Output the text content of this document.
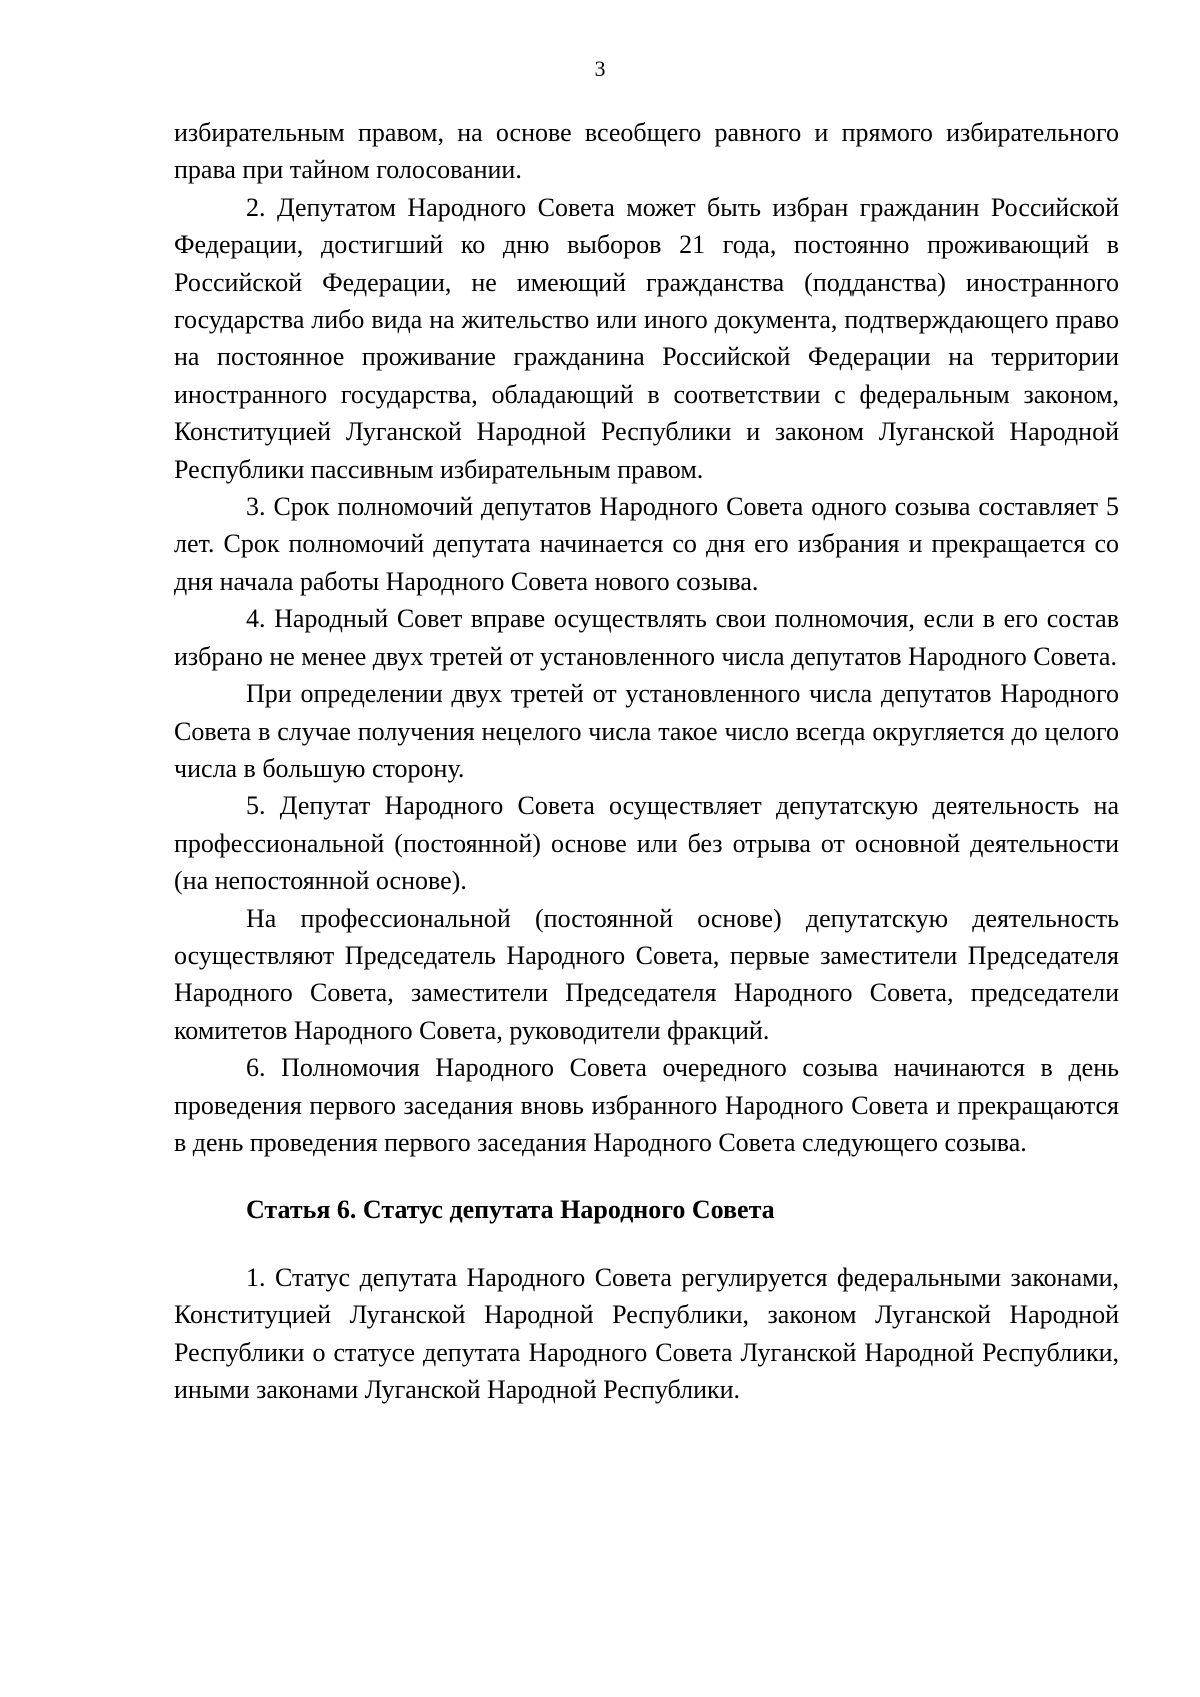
3

избирательным правом, на основе всеобщего равного и прямого избирательного права при тайном голосовании.

2. Депутатом Народного Совета может быть избран гражданин Российской Федерации, достигший ко дню выборов 21 года, постоянно проживающий в Российской Федерации, не имеющий гражданства (подданства) иностранного государства либо вида на жительство или иного документа, подтверждающего право на постоянное проживание гражданина Российской Федерации на территории иностранного государства, обладающий в соответствии с федеральным законом, Конституцией Луганской Народной Республики и законом Луганской Народной Республики пассивным избирательным правом.

3. Срок полномочий депутатов Народного Совета одного созыва составляет 5 лет. Срок полномочий депутата начинается со дня его избрания и прекращается со дня начала работы Народного Совета нового созыва.

4. Народный Совет вправе осуществлять свои полномочия, если в его состав избрано не менее двух третей от установленного числа депутатов Народного Совета.

При определении двух третей от установленного числа депутатов Народного Совета в случае получения нецелого числа такое число всегда округляется до целого числа в большую сторону.

5. Депутат Народного Совета осуществляет депутатскую деятельность на профессиональной (постоянной) основе или без отрыва от основной деятельности (на непостоянной основе).

На профессиональной (постоянной основе) депутатскую деятельность осуществляют Председатель Народного Совета, первые заместители Председателя Народного Совета, заместители Председателя Народного Совета, председатели комитетов Народного Совета, руководители фракций.

6. Полномочия Народного Совета очередного созыва начинаются в день проведения первого заседания вновь избранного Народного Совета и прекращаются в день проведения первого заседания Народного Совета следующего созыва.

Статья 6. Статус депутата Народного Совета

1. Статус депутата Народного Совета регулируется федеральными законами, Конституцией Луганской Народной Республики, законом Луганской Народной Республики о статусе депутата Народного Совета Луганской Народной Республики, иными законами Луганской Народной Республики.
